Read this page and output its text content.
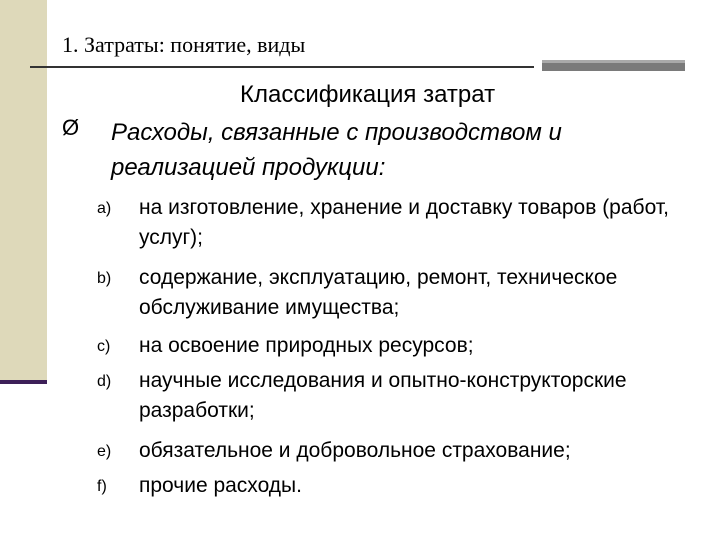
1. Затраты: понятие, виды
Классификация затрат
Ø Расходы, связанные с производством и реализацией продукции:
a) на изготовление, хранение и доставку товаров (работ, услуг);
b) содержание, эксплуатацию, ремонт, техническое обслуживание имущества;
c) на освоение природных ресурсов;
d) научные исследования и опытно-конструкторские разработки;
e) обязательное и добровольное страхование;
f) прочие расходы.
